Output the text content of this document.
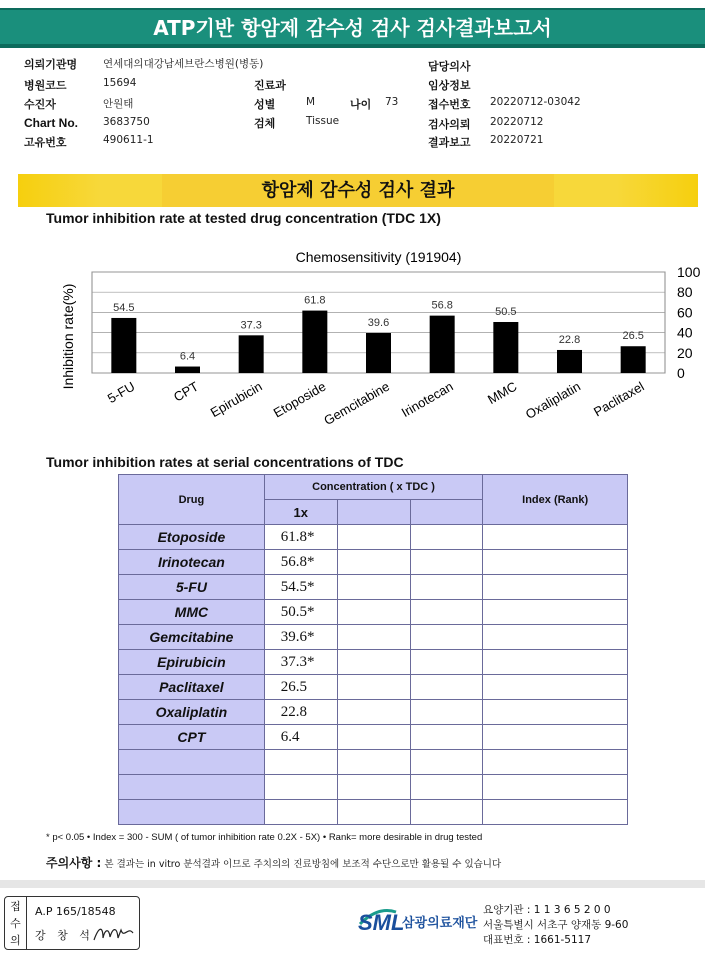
ATP기반 항암제 감수성 검사 검사결과보고서
의뢰기관명 연세대의대강남세브란스병원(병동)
병원코드	15694
수진자	안원태
Chart No. 3683750
고유번호	490611-1
진료과
성별	M	나이 73
검체	Tissue
담당의사
임상정보
접수번호 20220712-03042
검사의뢰 20220712
결과보고 20220721
항암제 감수성 검사 결과
Tumor inhibition rate at tested drug concentration (TDC 1X)
Chemosensitivity (191904)
0
20
40
60
80
100
Inhibition rate(%)	54.5
5-FU
6.4
CPT
37.3
Epirubicin
61.8
Etoposide
39.6
Gemcitabine
56.8
Irinotecan
50.5
MMC
22.8
Oxaliplatin
26.5
Paclitaxel
Tumor inhibition rates at serial concentrations of TDC
Drug	Concentration ( x TDC )			Index (Rank)
	1x			
Etoposide	61.8*			
Irinotecan	56.8*			
5-FU	54.5*			
MMC	50.5*			
Gemcitabine	39.6*			
Epirubicin	37.3*			
Paclitaxel	26.5			
Oxaliplatin	22.8			
CPT	6.4			

* p< 0.05 • Index = 300 - SUM ( of tumor inhibition rate 0.2X - 5X) • Rank= more desirable in drug tested
주의사항 : 본 결과는 in vitro 분석결과 이므로 주치의의 진료방침에 보조적 수단으로만 활용될 수 있습니다
접
수
의
A.P 165/18548
강 창 석
SML
삼광의료재단
요양기관 : 1 1 3 6 5 2 0 0
서울특별시 서초구 양재동 9-60
대표번호 : 1661-5117
